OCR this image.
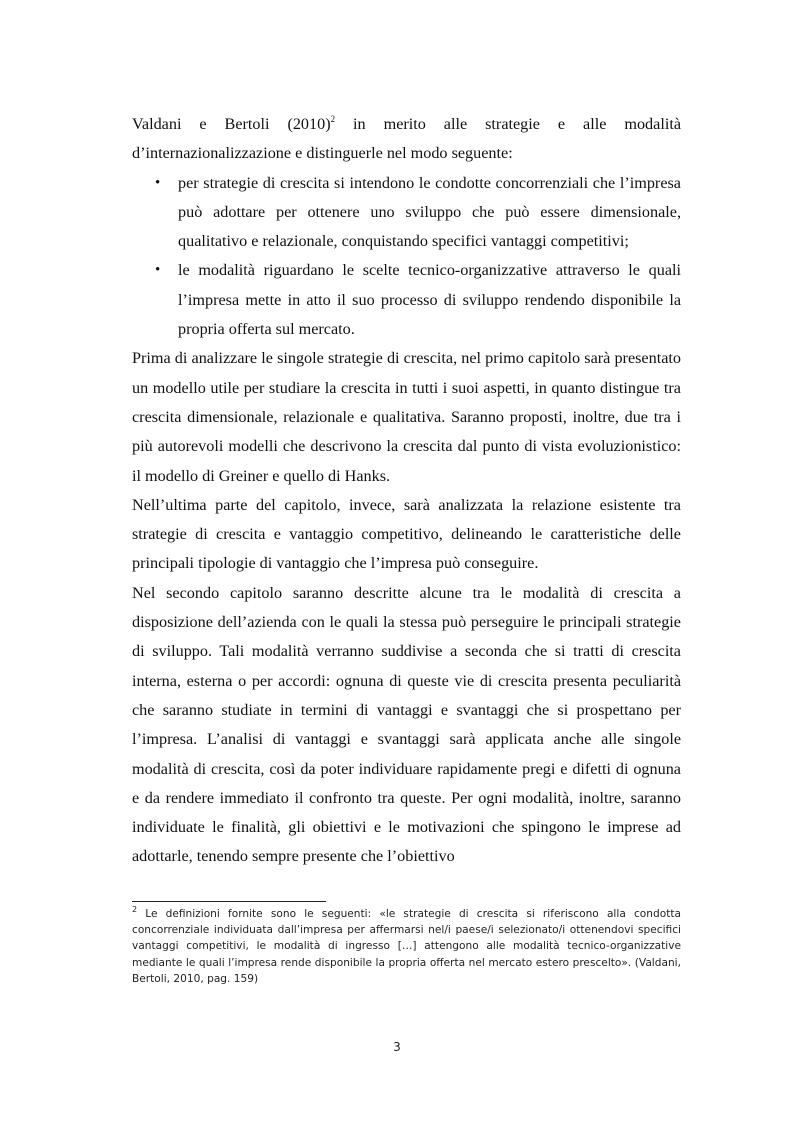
Valdani e Bertoli $(2010)^2$ in merito alle strategie e alle modalità d’internazionalizzazione e distinguerle nel modo seguente:

• per strategie di crescita si intendono le condotte concorrenziali che l’impresa può adottare per ottenere uno sviluppo che può essere dimensionale, qualitativo e relazionale, conquistando specifici vantaggi competitivi;
• le modalità riguardano le scelte tecnico-organizzative attraverso le quali l’impresa mette in atto il suo processo di sviluppo rendendo disponibile la propria offerta sul mercato.

Prima di analizzare le singole strategie di crescita, nel primo capitolo sarà presentato un modello utile per studiare la crescita in tutti i suoi aspetti, in quanto distingue tra crescita dimensionale, relazionale e qualitativa. Saranno proposti, inoltre, due tra i più autorevoli modelli che descrivono la crescita dal punto di vista evoluzionistico: il modello di Greiner e quello di Hanks.

Nell’ultima parte del capitolo, invece, sarà analizzata la relazione esistente tra strategie di crescita e vantaggio competitivo, delineando le caratteristiche delle principali tipologie di vantaggio che l’impresa può conseguire.

Nel secondo capitolo saranno descritte alcune tra le modalità di crescita a disposizione dell’azienda con le quali la stessa può perseguire le principali strategie di sviluppo. Tali modalità verranno suddivise a seconda che si tratti di crescita interna, esterna o per accordi: ognuna di queste vie di crescita presenta peculiarità che saranno studiate in termini di vantaggi e svantaggi che si prospettano per l’impresa. L’analisi di vantaggi e svantaggi sarà applicata anche alle singole modalità di crescita, così da poter individuare rapidamente pregi e difetti di ognuna e da rendere immediato il confronto tra queste. Per ogni modalità, inoltre, saranno individuate le finalità, gli obiettivi e le motivazioni che spingono le imprese ad adottarle, tenendo sempre presente che l’obiettivo

$^2$ Le definizioni fornite sono le seguenti: «le strategie di crescita si riferiscono alla condotta concorrenziale individuata dall’impresa per affermarsi nel/i paese/i selezionato/i ottenendovi specifici vantaggi competitivi, le modalità di ingresso […] attengono alle modalità tecnico-organizzative mediante le quali l’impresa rende disponibile la propria offerta nel mercato estero prescelto». (Valdani, Bertoli, 2010, pag. 159)
3
